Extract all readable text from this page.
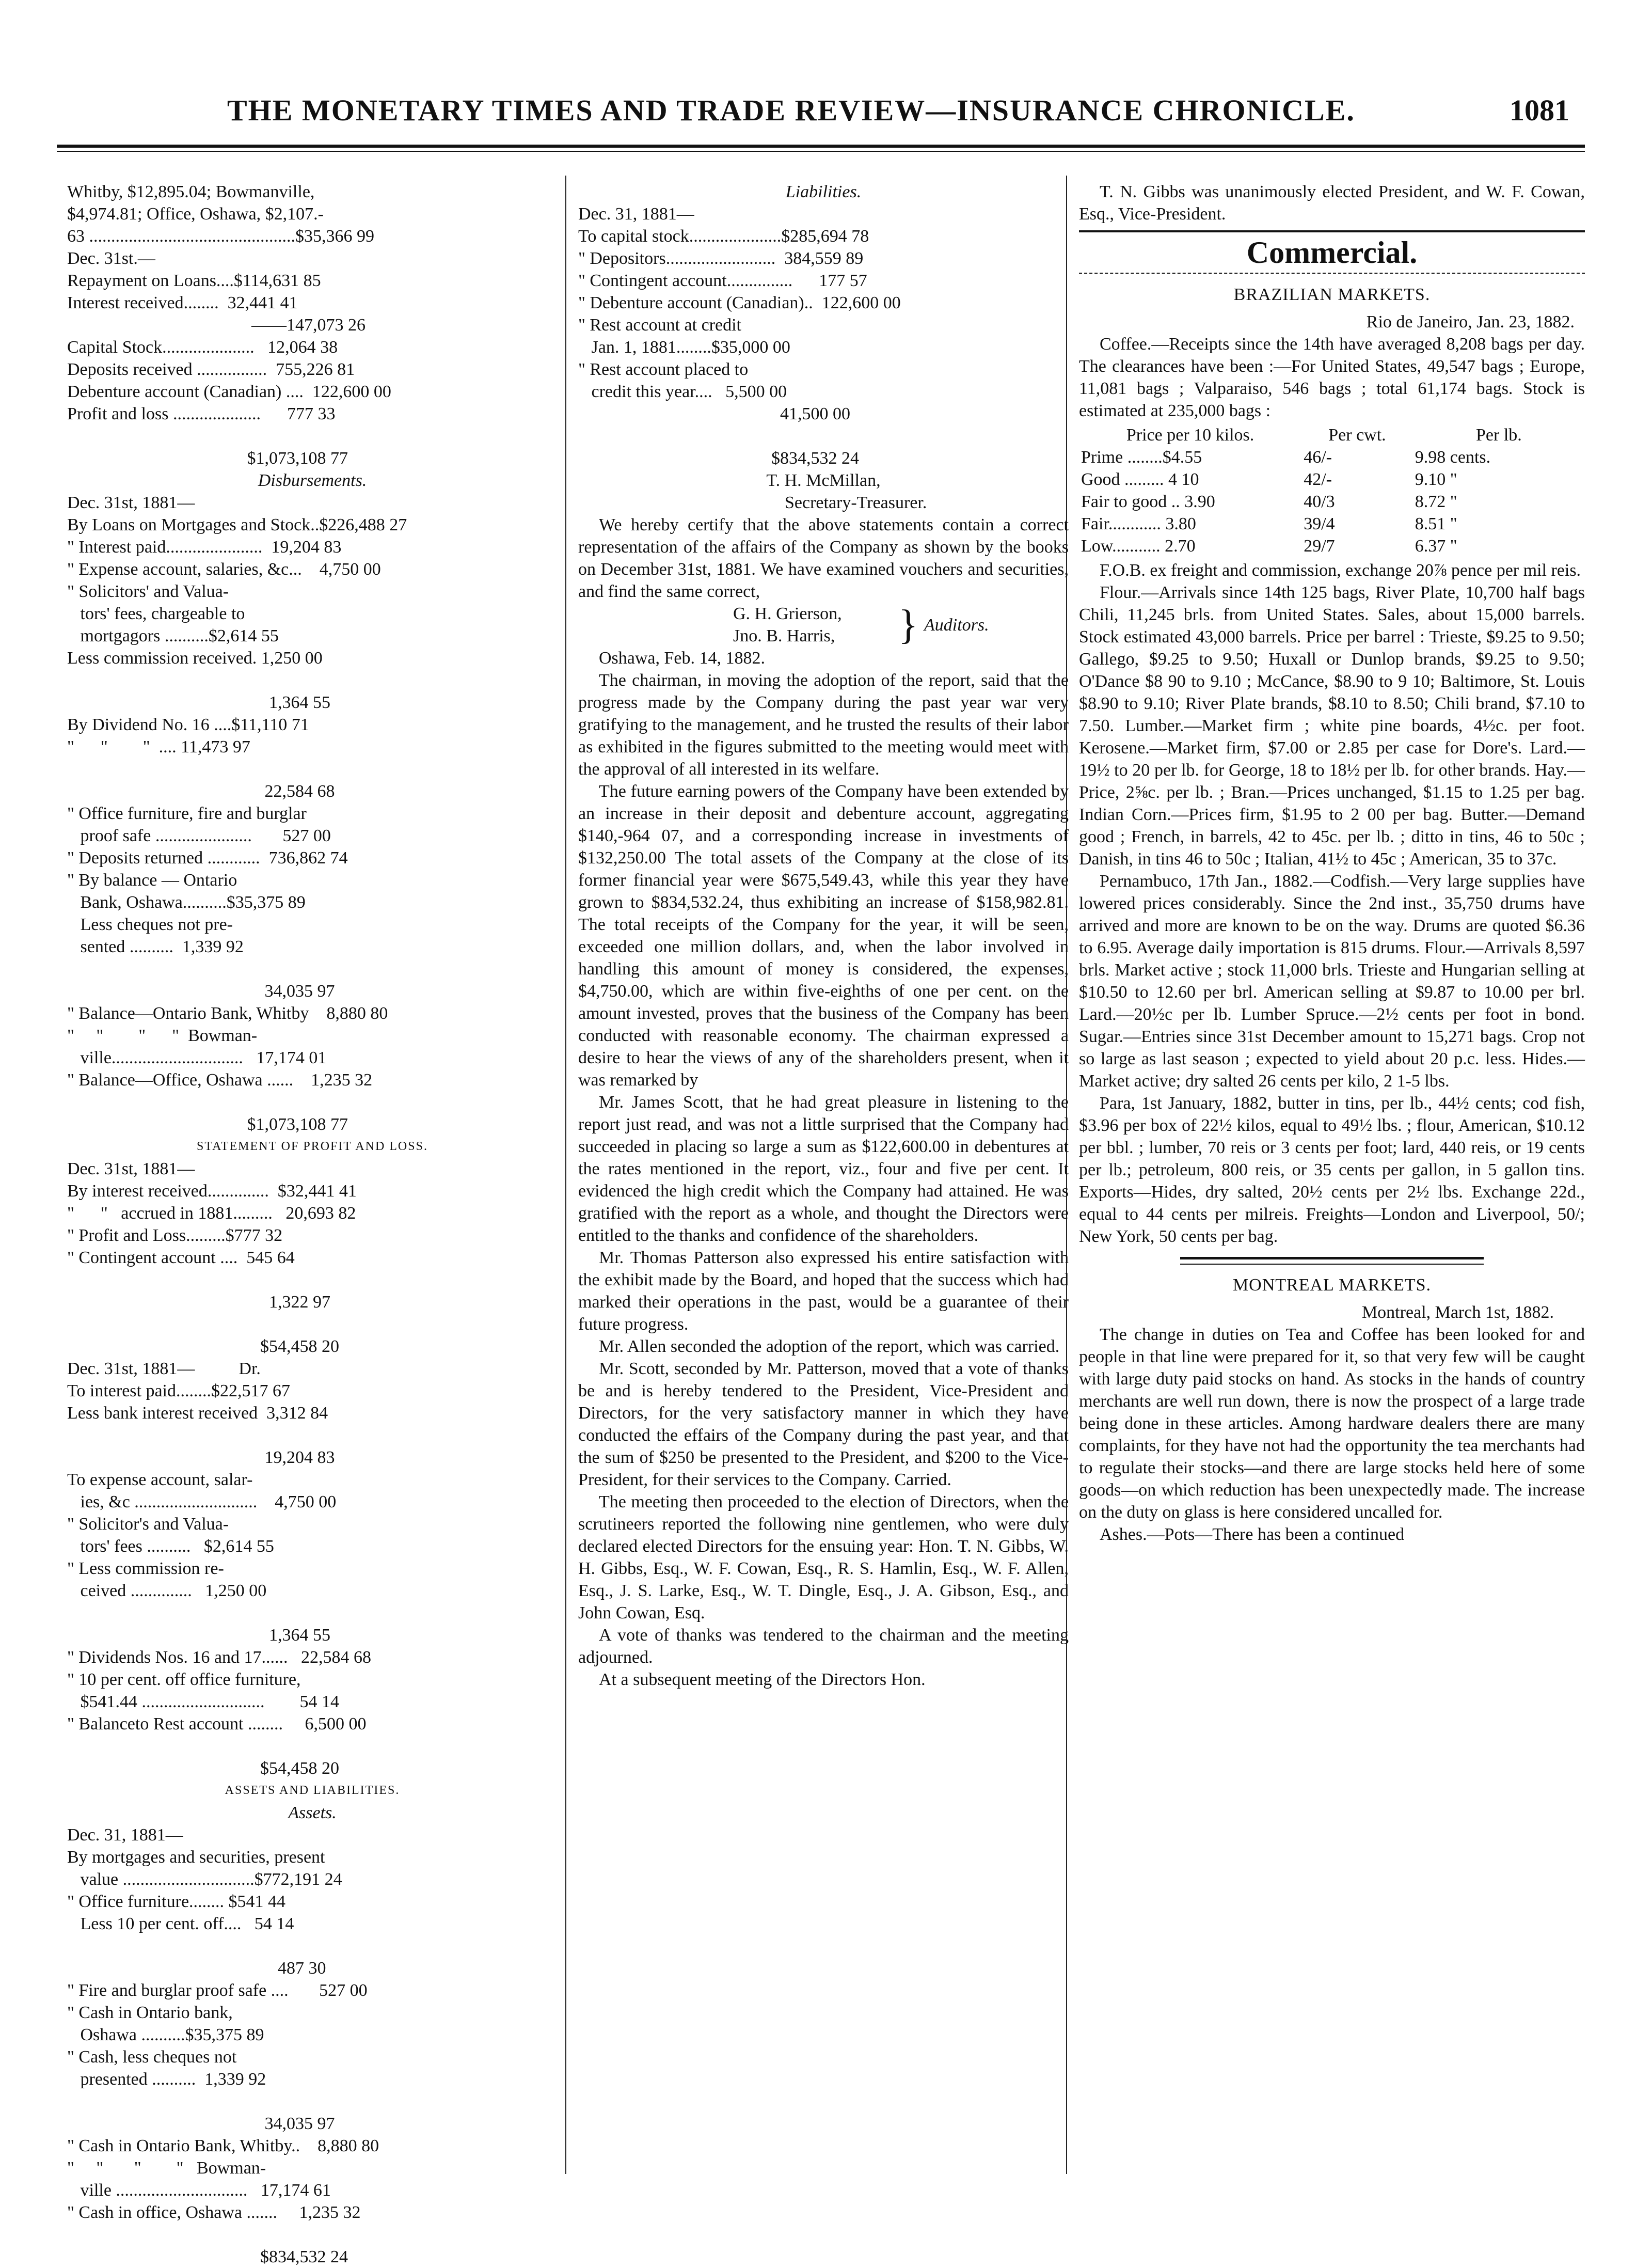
THE MONETARY TIMES AND TRADE REVIEW—INSURANCE CHRONICLE.	1081
Whitby, $12,895.04; Bowmanville,
$4,974.81; Office, Oshawa, $2,107.-
63 ...............................................$35,366 99
Dec. 31st.—
Repayment on Loans....$114,631 85
Interest received........  32,441 41
——147,073 26
Capital Stock.....................   12,064 38
Deposits received ................  755,226 81
Debenture account (Canadian) ....  122,600 00
Profit and loss ....................      777 33
$1,073,108 77
Disbursements.
Dec. 31st, 1881—
By Loans on Mortgages and Stock..$226,488 27
" Interest paid......................  19,204 83
" Expense account, salaries, &c...    4,750 00
" Solicitors' and Valua-
tors' fees, chargeable to
mortgagors ..........$2,614 55
Less commission received. 1,250 00
1,364 55
By Dividend No. 16 ....$11,110 71
"      "        "  .... 11,473 97
22,584 68
" Office furniture, fire and burglar
proof safe ......................       527 00
" Deposits returned ............  736,862 74
" By balance — Ontario
Bank, Oshawa..........$35,375 89
Less cheques not pre-
sented ..........  1,339 92
34,035 97
" Balance—Ontario Bank, Whitby    8,880 80
"     "        "      "  Bowman-
ville..............................   17,174 01
" Balance—Office, Oshawa ......    1,235 32
$1,073,108 77
STATEMENT OF PROFIT AND LOSS.
Dec. 31st, 1881—
By interest received..............  $32,441 41
"      "   accrued in 1881.........   20,693 82
" Profit and Loss.........$777 32
" Contingent account ....  545 64
1,322 97
$54,458 20
Dec. 31st, 1881—          Dr.
To interest paid........$22,517 67
Less bank interest received  3,312 84
19,204 83
To expense account, salar-
ies, &c ............................    4,750 00
" Solicitor's and Valua-
tors' fees ..........   $2,614 55
" Less commission re-
ceived ..............   1,250 00
1,364 55
" Dividends Nos. 16 and 17......   22,584 68
" 10 per cent. off office furniture,
$541.44 ............................        54 14
" Balanceto Rest account ........     6,500 00
$54,458 20
ASSETS AND LIABILITIES.
Assets.
Dec. 31, 1881—
By mortgages and securities, present
value ..............................$772,191 24
" Office furniture........ $541 44
Less 10 per cent. off....   54 14
487 30
" Fire and burglar proof safe ....       527 00
" Cash in Ontario bank,
Oshawa ..........$35,375 89
" Cash, less cheques not
presented ..........  1,339 92
34,035 97
" Cash in Ontario Bank, Whitby..    8,880 80
"     "       "        "   Bowman-
ville ..............................   17,174 61
" Cash in office, Oshawa .......     1,235 32
$834,532 24
Liabilities.
Dec. 31, 1881—
To capital stock.....................$285,694 78
" Depositors.........................  384,559 89
" Contingent account...............      177 57
" Debenture account (Canadian)..  122,600 00
" Rest account at credit
Jan. 1, 1881........$35,000 00
" Rest account placed to
credit this year....   5,500 00
41,500 00
$834,532 24
T. H. McMillan,
Secretary-Treasurer.

We hereby certify that the above statements contain a correct representation of the affairs of the Company as shown by the books on December 31st, 1881. We have examined vouchers and securities, and find the same correct,

G. H. Grierson,
Jno. B. Harris, } Auditors.
Oshawa, Feb. 14, 1882.

The chairman, in moving the adoption of the report, said that the progress made by the Company during the past year war very gratifying to the management, and he trusted the results of their labor as exhibited in the figures submitted to the meeting would meet with the approval of all interested in its welfare.

The future earning powers of the Company have been extended by an increase in their deposit and debenture account, aggregating $140,-964 07, and a corresponding increase in investments of $132,250.00 The total assets of the Company at the close of its former financial year were $675,549.43, while this year they have grown to $834,532.24, thus exhibiting an increase of $158,982.81. The total receipts of the Company for the year, it will be seen, exceeded one million dollars, and, when the labor involved in handling this amount of money is considered, the expenses, $4,750.00, which are within five-eighths of one per cent. on the amount invested, proves that the business of the Company has been conducted with reasonable economy. The chairman expressed a desire to hear the views of any of the shareholders present, when it was remarked by

Mr. James Scott, that he had great pleasure in listening to the report just read, and was not a little surprised that the Company had succeeded in placing so large a sum as $122,600.00 in debentures at the rates mentioned in the report, viz., four and five per cent. It evidenced the high credit which the Company had attained. He was gratified with the report as a whole, and thought the Directors were entitled to the thanks and confidence of the shareholders.

Mr. Thomas Patterson also expressed his entire satisfaction with the exhibit made by the Board, and hoped that the success which had marked their operations in the past, would be a guarantee of their future progress.

Mr. Allen seconded the adoption of the report, which was carried.

Mr. Scott, seconded by Mr. Patterson, moved that a vote of thanks be and is hereby tendered to the President, Vice-President and Directors, for the very satisfactory manner in which they have conducted the effairs of the Company during the past year, and that the sum of $250 be presented to the President, and $200 to the Vice-President, for their services to the Company. Carried.

The meeting then proceeded to the election of Directors, when the scrutineers reported the following nine gentlemen, who were duly declared elected Directors for the ensuing year: Hon. T. N. Gibbs, W. H. Gibbs, Esq., W. F. Cowan, Esq., R. S. Hamlin, Esq., W. F. Allen, Esq., J. S. Larke, Esq., W. T. Dingle, Esq., J. A. Gibson, Esq., and John Cowan, Esq.

A vote of thanks was tendered to the chairman and the meeting adjourned.

At a subsequent meeting of the Directors Hon.

T. N. Gibbs was unanimously elected President, and W. F. Cowan, Esq., Vice-President.

Commercial.
BRAZILIAN MARKETS.
Rio de Janeiro, Jan. 23, 1882.

Coffee.—Receipts since the 14th have averaged 8,208 bags per day. The clearances have been :—For United States, 49,547 bags ; Europe, 11,081 bags ; Valparaiso, 546 bags ; total 61,174 bags. Stock is estimated at 235,000 bags :

Price per 10 kilos.	Per cwt.	Per lb.
Prime ........$4.55	46/-	9.98 cents.
Good ......... 4 10	42/-	9.10 "
Fair to good .. 3.90	40/3	8.72 "
Fair............ 3.80	39/4	8.51 "
Low........... 2.70	29/7	6.37 "

F.O.B. ex freight and commission, exchange 20⅞ pence per mil reis.

Flour.—Arrivals since 14th 125 bags, River Plate, 10,700 half bags Chili, 11,245 brls. from United States. Sales, about 15,000 barrels. Stock estimated 43,000 barrels. Price per barrel : Trieste, $9.25 to 9.50; Gallego, $9.25 to 9.50; Huxall or Dunlop brands, $9.25 to 9.50; O'Dance $8 90 to 9.10 ; McCance, $8.90 to 9 10; Baltimore, St. Louis $8.90 to 9.10; River Plate brands, $8.10 to 8.50; Chili brand, $7.10 to 7.50. Lumber.—Market firm ; white pine boards, 4½c. per foot. Kerosene.—Market firm, $7.00 or 2.85 per case for Dore's. Lard.—19½ to 20 per lb. for George, 18 to 18½ per lb. for other brands. Hay.—Price, 2⅝c. per lb. ; Bran.—Prices unchanged, $1.15 to 1.25 per bag. Indian Corn.—Prices firm, $1.95 to 2 00 per bag. Butter.—Demand good ; French, in barrels, 42 to 45c. per lb. ; ditto in tins, 46 to 50c ; Danish, in tins 46 to 50c ; Italian, 41½ to 45c ; American, 35 to 37c.

Pernambuco, 17th Jan., 1882.—Codfish.—Very large supplies have lowered prices considerably. Since the 2nd inst., 35,750 drums have arrived and more are known to be on the way. Drums are quoted $6.36 to 6.95. Average daily importation is 815 drums. Flour.—Arrivals 8,597 brls. Market active ; stock 11,000 brls. Trieste and Hungarian selling at $10.50 to 12.60 per brl. American selling at $9.87 to 10.00 per brl. Lard.—20½c per lb. Lumber Spruce.—2½ cents per foot in bond. Sugar.—Entries since 31st December amount to 15,271 bags. Crop not so large as last season ; expected to yield about 20 p.c. less. Hides.—Market active; dry salted 26 cents per kilo, 2 1-5 lbs.

Para, 1st January, 1882, butter in tins, per lb., 44½ cents; cod fish, $3.96 per box of 22½ kilos, equal to 49½ lbs. ; flour, American, $10.12 per bbl. ; lumber, 70 reis or 3 cents per foot; lard, 440 reis, or 19 cents per lb.; petroleum, 800 reis, or 35 cents per gallon, in 5 gallon tins. Exports—Hides, dry salted, 20½ cents per 2½ lbs. Exchange 22d., equal to 44 cents per milreis. Freights—London and Liverpool, 50/; New York, 50 cents per bag.

MONTREAL MARKETS.
Montreal, March 1st, 1882.

The change in duties on Tea and Coffee has been looked for and people in that line were prepared for it, so that very few will be caught with large duty paid stocks on hand. As stocks in the hands of country merchants are well run down, there is now the prospect of a large trade being done in these articles. Among hardware dealers there are many complaints, for they have not had the opportunity the tea merchants had to regulate their stocks—and there are large stocks held here of some goods—on which reduction has been unexpectedly made. The increase on the duty on glass is here considered uncalled for.

Ashes.—Pots—There has been a continued
